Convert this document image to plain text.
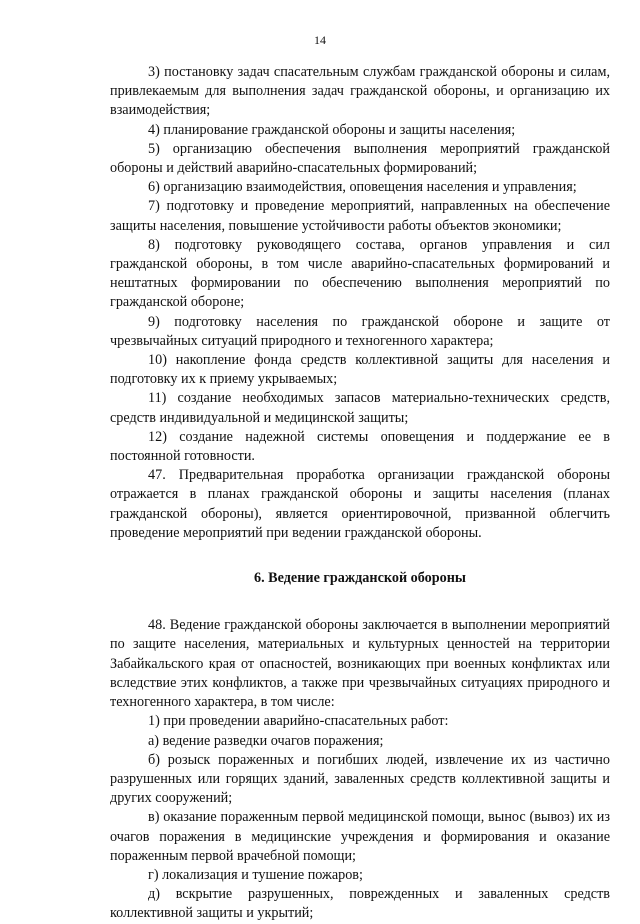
14

3) постановку задач спасательным службам гражданской обороны и силам, привлекаемым для выполнения задач гражданской обороны, и организацию их взаимодействия;

4) планирование гражданской обороны и защиты населения;

5) организацию обеспечения выполнения мероприятий гражданской обороны и действий аварийно-спасательных формирований;

6) организацию взаимодействия, оповещения населения и управления;

7) подготовку и проведение мероприятий, направленных на обеспечение защиты населения, повышение устойчивости работы объектов экономики;

8) подготовку руководящего состава, органов управления и сил гражданской обороны, в том числе аварийно-спасательных формирований и нештатных формировании по обеспечению выполнения мероприятий по гражданской обороне;

9) подготовку населения по гражданской обороне и защите от чрезвычайных ситуаций природного и техногенного характера;

10) накопление фонда средств коллективной защиты для населения и подготовку их к приему укрываемых;

11) создание необходимых запасов материально-технических средств, средств индивидуальной и медицинской защиты;

12) создание надежной системы оповещения и поддержание ее в постоянной готовности.

47. Предварительная проработка организации гражданской обороны отражается в планах гражданской обороны и защиты населения (планах гражданской обороны), является ориентировочной, призванной облегчить проведение мероприятий при ведении гражданской обороны.

6. Ведение гражданской обороны

48. Ведение гражданской обороны заключается в выполнении мероприятий по защите населения, материальных и культурных ценностей на территории Забайкальского края от опасностей, возникающих при военных конфликтах или вследствие этих конфликтов, а также при чрезвычайных ситуациях природного и техногенного характера, в том числе:

1) при проведении аварийно-спасательных работ:

а) ведение разведки очагов поражения;

б) розыск пораженных и погибших людей, извлечение их из частично разрушенных или горящих зданий, заваленных средств коллективной защиты и других сооружений;

в) оказание пораженным первой медицинской помощи, вынос (вывоз) их из очагов поражения в медицинские учреждения и формирования и оказание пораженным первой врачебной помощи;

г) локализация и тушение пожаров;

д) вскрытие разрушенных, поврежденных и заваленных средств коллективной защиты и укрытий;
